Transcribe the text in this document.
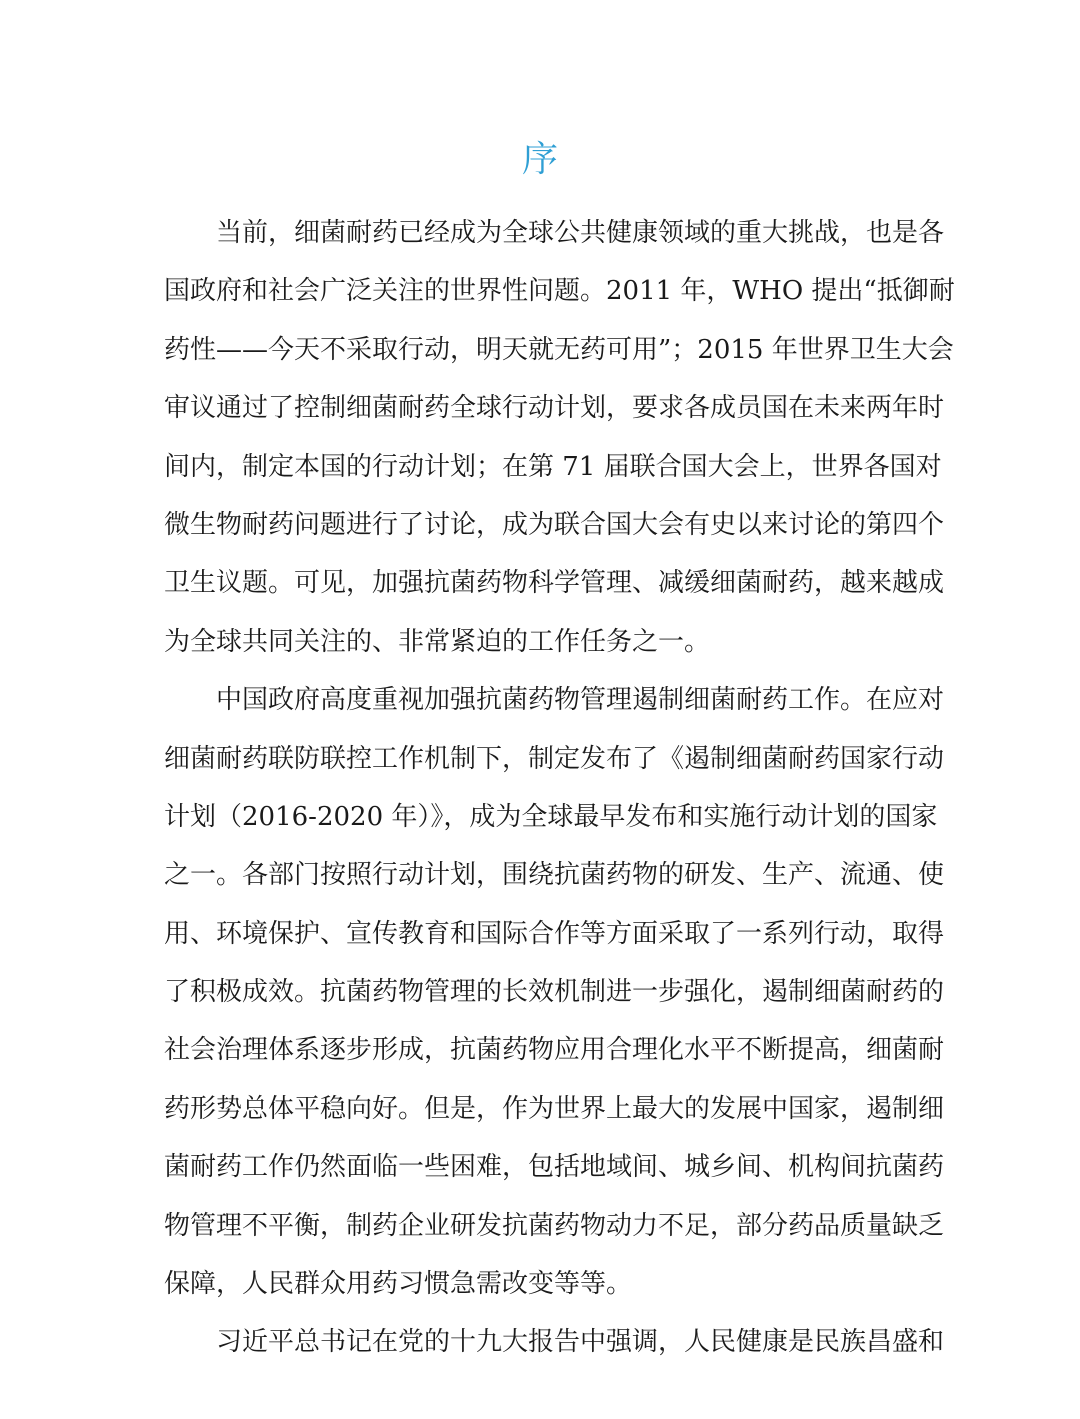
序

　　当前，细菌耐药已经成为全球公共健康领域的重大挑战，也是各
国政府和社会广泛关注的世界性问题。2011 年，WHO 提出“抵御耐
药性——今天不采取行动，明天就无药可用”；2015 年世界卫生大会
审议通过了控制细菌耐药全球行动计划，要求各成员国在未来两年时
间内，制定本国的行动计划；在第 71 届联合国大会上，世界各国对
微生物耐药问题进行了讨论，成为联合国大会有史以来讨论的第四个
卫生议题。可见，加强抗菌药物科学管理、减缓细菌耐药，越来越成
为全球共同关注的、非常紧迫的工作任务之一。

　　中国政府高度重视加强抗菌药物管理遏制细菌耐药工作。在应对
细菌耐药联防联控工作机制下，制定发布了《遏制细菌耐药国家行动
计划（2016-2020 年）》，成为全球最早发布和实施行动计划的国家
之一。各部门按照行动计划，围绕抗菌药物的研发、生产、流通、使
用、环境保护、宣传教育和国际合作等方面采取了一系列行动，取得
了积极成效。抗菌药物管理的长效机制进一步强化，遏制细菌耐药的
社会治理体系逐步形成，抗菌药物应用合理化水平不断提高，细菌耐
药形势总体平稳向好。但是，作为世界上最大的发展中国家，遏制细
菌耐药工作仍然面临一些困难，包括地域间、城乡间、机构间抗菌药
物管理不平衡，制药企业研发抗菌药物动力不足，部分药品质量缺乏
保障，人民群众用药习惯急需改变等等。

　　习近平总书记在党的十九大报告中强调，人民健康是民族昌盛和
